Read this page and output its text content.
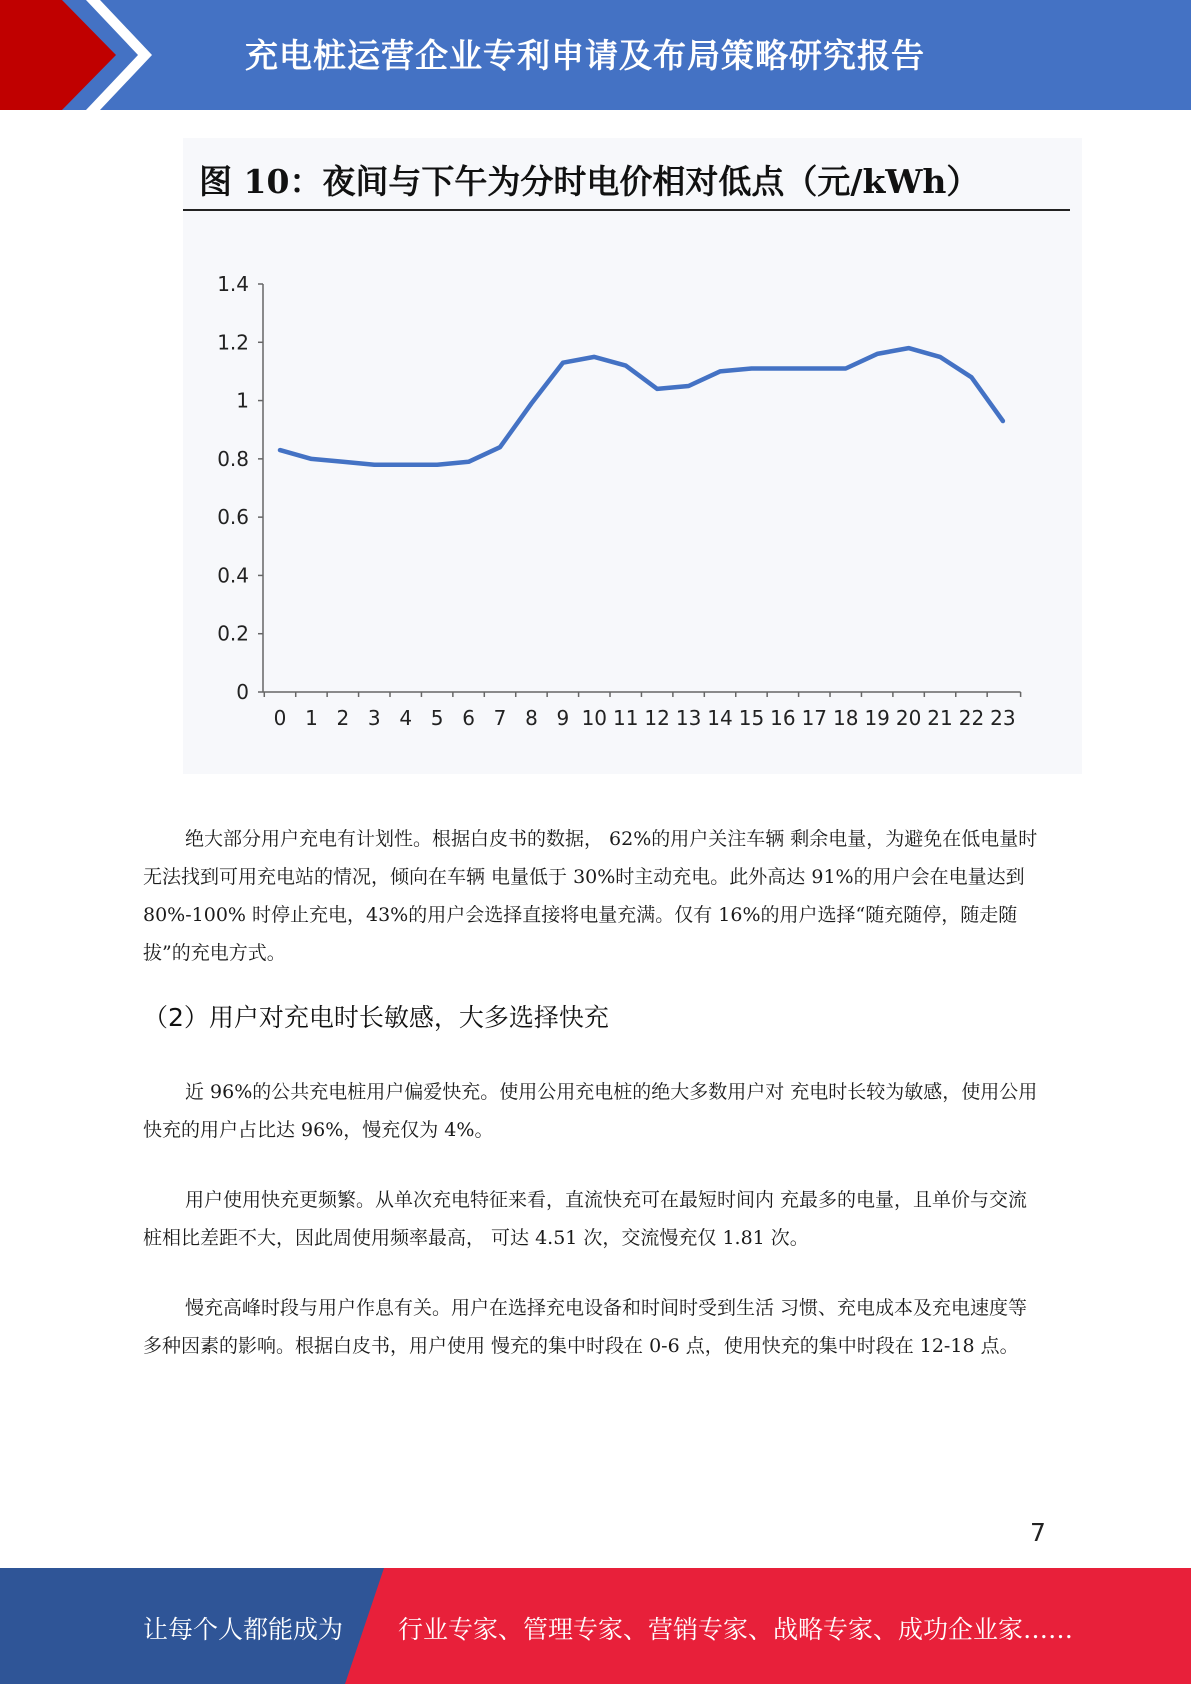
充电桩运营企业专利申请及布局策略研究报告
图 10：夜间与下午为分时电价相对低点（元/kWh）
0
0.2
0.4
0.6
0.8
1
1.2
1.4
0 1 2 3 4 5 6 7 8 9 10 11 12 13 14 15 16 17 18 19 20 21 22 23

绝大部分用户充电有计划性。根据白皮书的数据， 62%的用户关注车辆 剩余电量，为避免在低电量时无法找到可用充电站的情况，倾向在车辆 电量低于 30%时主动充电。此外高达 91%的用户会在电量达到 80%-100% 时停止充电，43%的用户会选择直接将电量充满。仅有 16%的用户选择“随充随停，随走随拔”的充电方式。

（2）用户对充电时长敏感，大多选择快充

近 96%的公共充电桩用户偏爱快充。使用公用充电桩的绝大多数用户对 充电时长较为敏感，使用公用快充的用户占比达 96%，慢充仅为 4%。

用户使用快充更频繁。从单次充电特征来看，直流快充可在最短时间内 充最多的电量，且单价与交流桩相比差距不大，因此周使用频率最高， 可达 4.51 次，交流慢充仅 1.81 次。

慢充高峰时段与用户作息有关。用户在选择充电设备和时间时受到生活 习惯、充电成本及充电速度等多种因素的影响。根据白皮书，用户使用 慢充的集中时段在 0-6 点，使用快充的集中时段在 12-18 点。

7
让每个人都能成为 行业专家、管理专家、营销专家、战略专家、成功企业家……
